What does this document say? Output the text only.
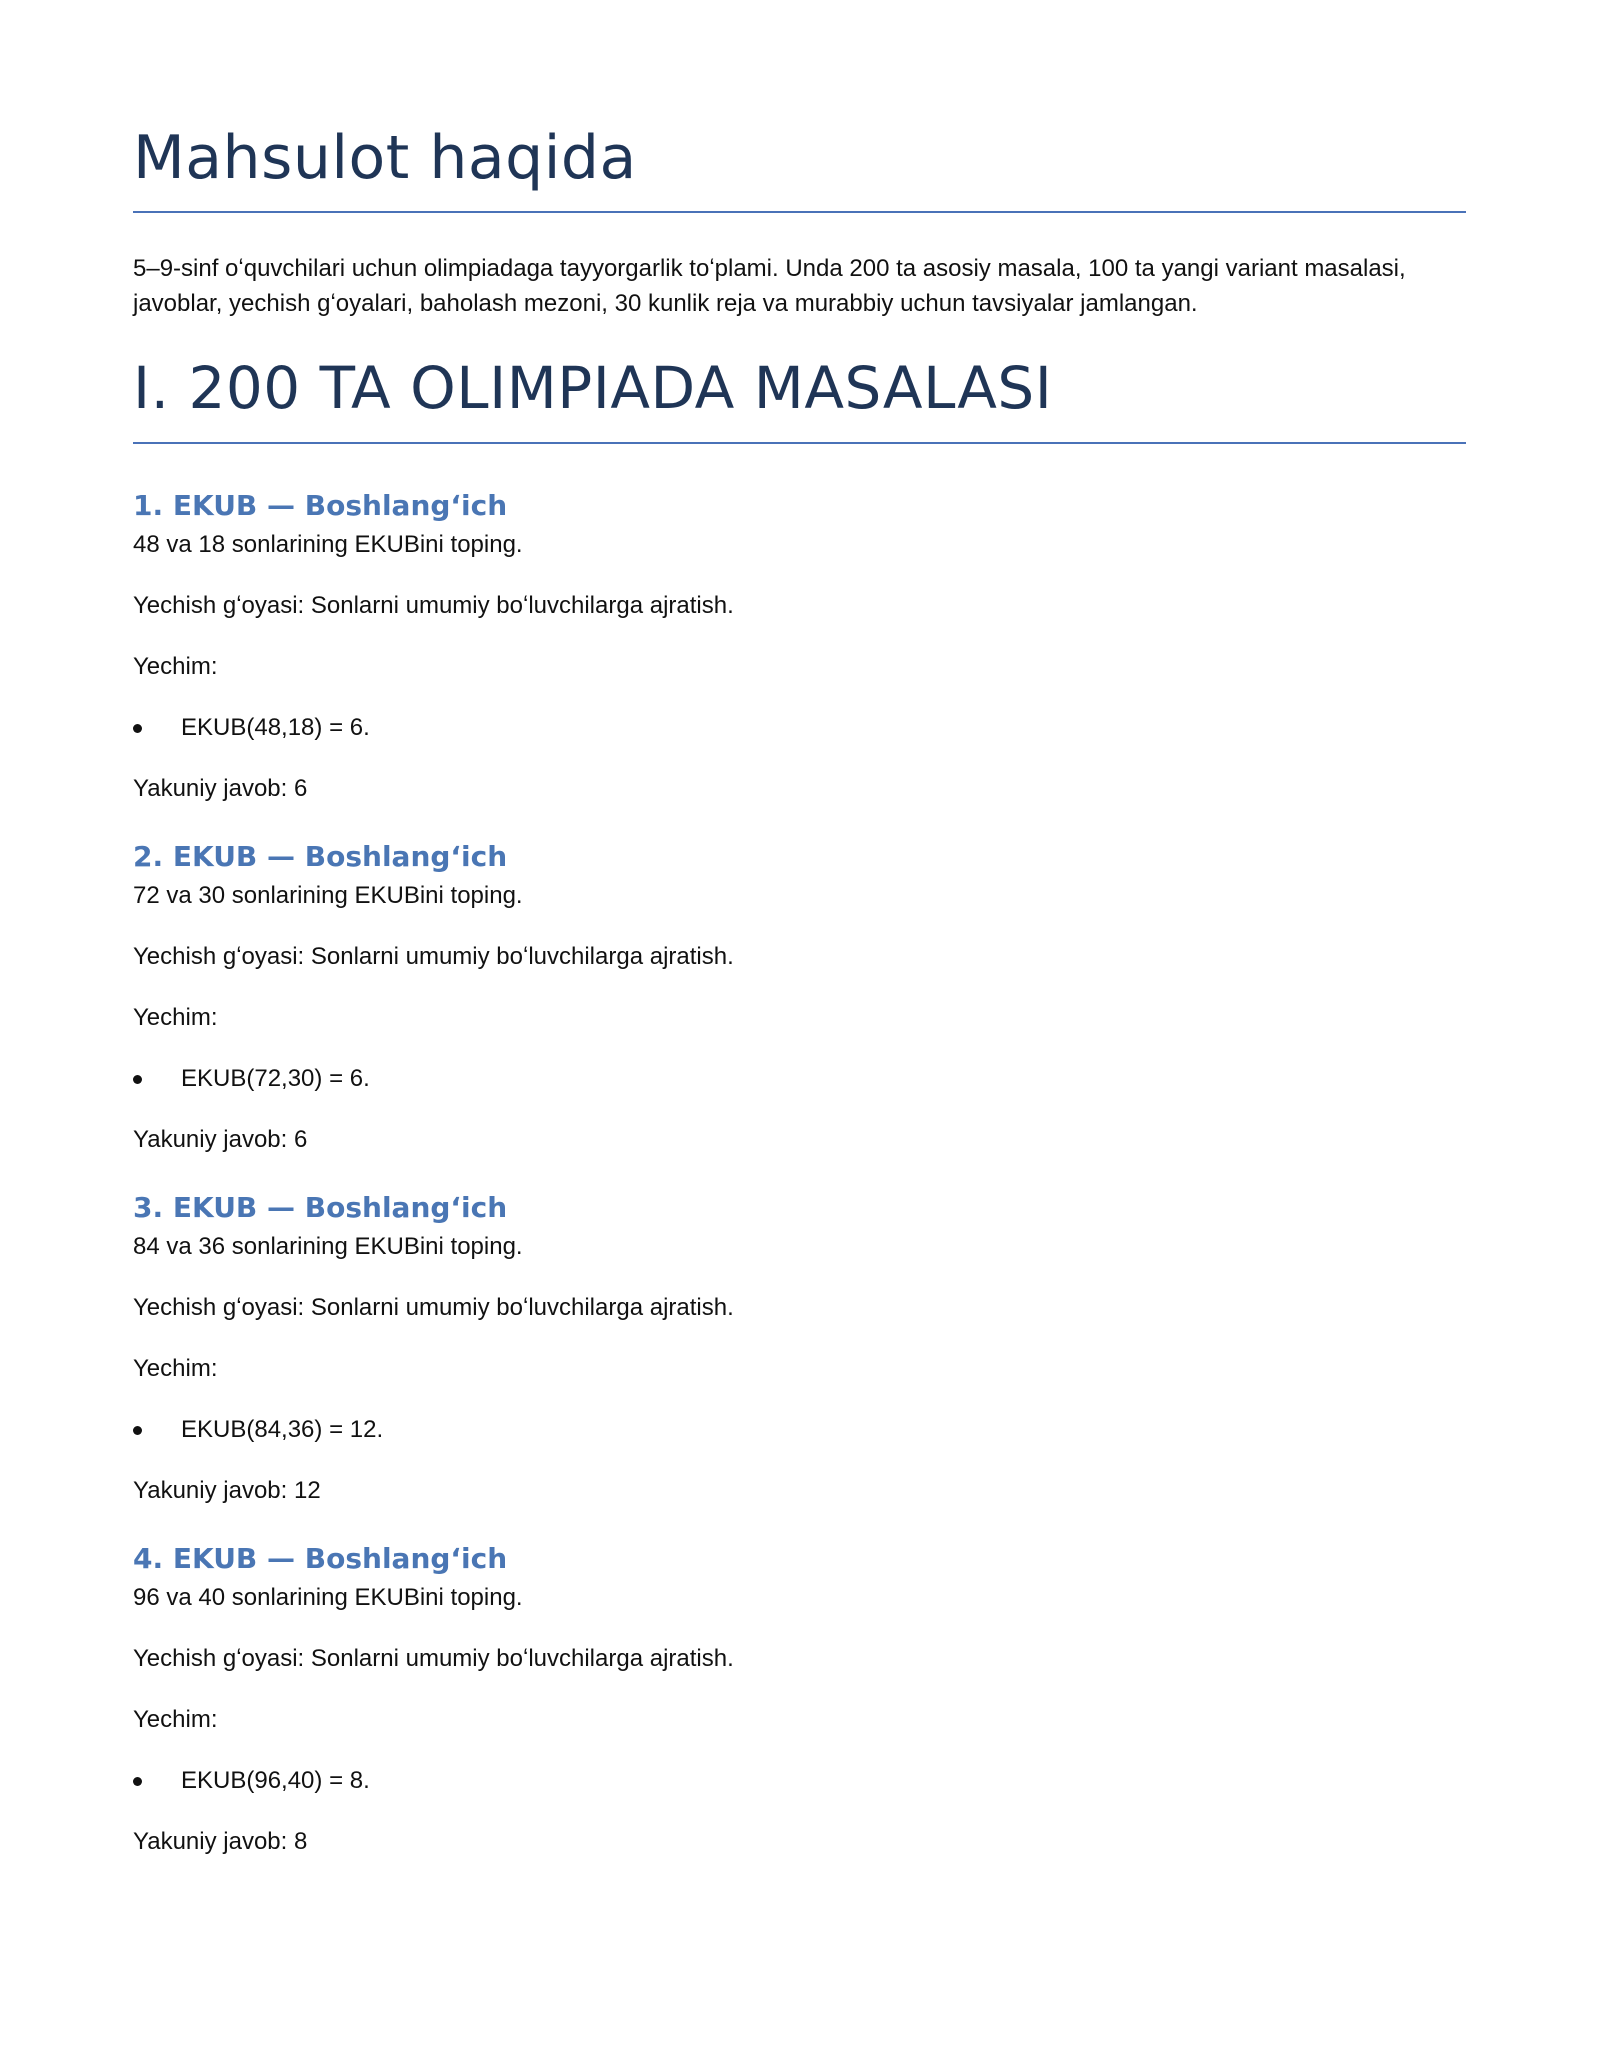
Mahsulot haqida

5–9-sinf oʻquvchilari uchun olimpiadaga tayyorgarlik toʻplami. Unda 200 ta asosiy masala, 100 ta yangi variant masalasi, javoblar, yechish gʻoyalari, baholash mezoni, 30 kunlik reja va murabbiy uchun tavsiyalar jamlangan.

I. 200 TA OLIMPIADA MASALASI
1. EKUB — Boshlangʻich

48 va 18 sonlarining EKUBini toping.

Yechish gʻoyasi: Sonlarni umumiy boʻluvchilarga ajratish.

Yechim:

EKUB(48,18) = 6.

Yakuniy javob: 6

2. EKUB — Boshlangʻich

72 va 30 sonlarining EKUBini toping.

Yechish gʻoyasi: Sonlarni umumiy boʻluvchilarga ajratish.

Yechim:

EKUB(72,30) = 6.

Yakuniy javob: 6

3. EKUB — Boshlangʻich

84 va 36 sonlarining EKUBini toping.

Yechish gʻoyasi: Sonlarni umumiy boʻluvchilarga ajratish.

Yechim:

EKUB(84,36) = 12.

Yakuniy javob: 12

4. EKUB — Boshlangʻich

96 va 40 sonlarining EKUBini toping.

Yechish gʻoyasi: Sonlarni umumiy boʻluvchilarga ajratish.

Yechim:

EKUB(96,40) = 8.

Yakuniy javob: 8
